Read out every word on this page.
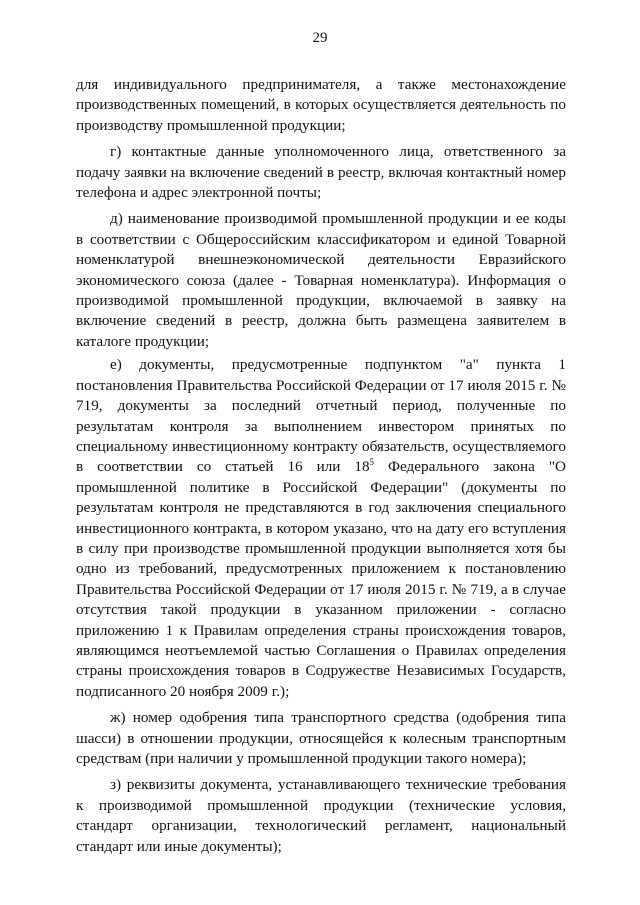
29

для индивидуального предпринимателя, а также местонахождение производственных помещений, в которых осуществляется деятельность по производству промышленной продукции;

г) контактные данные уполномоченного лица, ответственного за подачу заявки на включение сведений в реестр, включая контактный номер телефона и адрес электронной почты;

д) наименование производимой промышленной продукции и ее коды в соответствии с Общероссийским классификатором и единой Товарной номенклатурой внешнеэкономической деятельности Евразийского экономического союза (далее - Товарная номенклатура). Информация о производимой промышленной продукции, включаемой в заявку на включение сведений в реестр, должна быть размещена заявителем в каталоге продукции;

е) документы, предусмотренные подпунктом "а" пункта 1 постановления Правительства Российской Федерации от 17 июля 2015 г. № 719, документы за последний отчетный период, полученные по результатам контроля за выполнением инвестором принятых по специальному инвестиционному контракту обязательств, осуществляемого в соответствии со статьей 16 или $18^5$ Федерального закона "О промышленной политике в Российской Федерации" (документы по результатам контроля не представляются в год заключения специального инвестиционного контракта, в котором указано, что на дату его вступления в силу при производстве промышленной продукции выполняется хотя бы одно из требований, предусмотренных приложением к постановлению Правительства Российской Федерации от 17 июля 2015 г. № 719, а в случае отсутствия такой продукции в указанном приложении - согласно приложению 1 к Правилам определения страны происхождения товаров, являющимся неотъемлемой частью Соглашения о Правилах определения страны происхождения товаров в Содружестве Независимых Государств, подписанного 20 ноября 2009 г.);

ж) номер одобрения типа транспортного средства (одобрения типа шасси) в отношении продукции, относящейся к колесным транспортным средствам (при наличии у промышленной продукции такого номера);

з) реквизиты документа, устанавливающего технические требования к производимой промышленной продукции (технические условия, стандарт организации, технологический регламент, национальный стандарт или иные документы);
